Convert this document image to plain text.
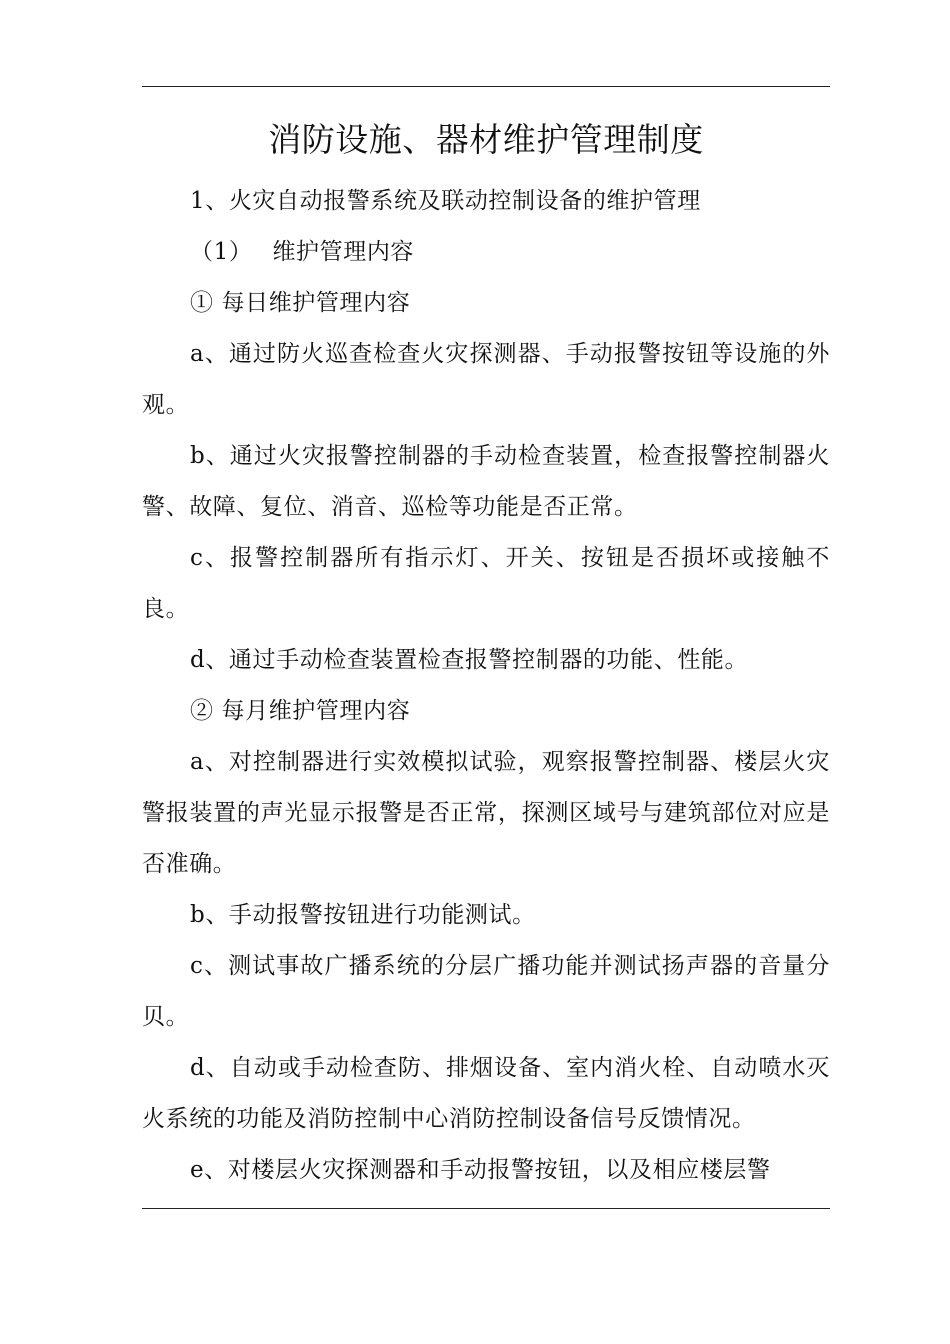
消防设施、器材维护管理制度

1、火灾自动报警系统及联动控制设备的维护管理

（1） 维护管理内容

① 每日维护管理内容

a、通过防火巡查检查火灾探测器、手动报警按钮等设施的外观。

b、通过火灾报警控制器的手动检查装置，检查报警控制器火警、故障、复位、消音、巡检等功能是否正常。

c、报警控制器所有指示灯、开关、按钮是否损坏或接触不良。

d、通过手动检查装置检查报警控制器的功能、性能。

② 每月维护管理内容

a、对控制器进行实效模拟试验，观察报警控制器、楼层火灾警报装置的声光显示报警是否正常，探测区域号与建筑部位对应是否准确。

b、手动报警按钮进行功能测试。

c、测试事故广播系统的分层广播功能并测试扬声器的音量分贝。

d、自动或手动检查防、排烟设备、室内消火栓、自动喷水灭火系统的功能及消防控制中心消防控制设备信号反馈情况。

e、对楼层火灾探测器和手动报警按钮，以及相应楼层警
